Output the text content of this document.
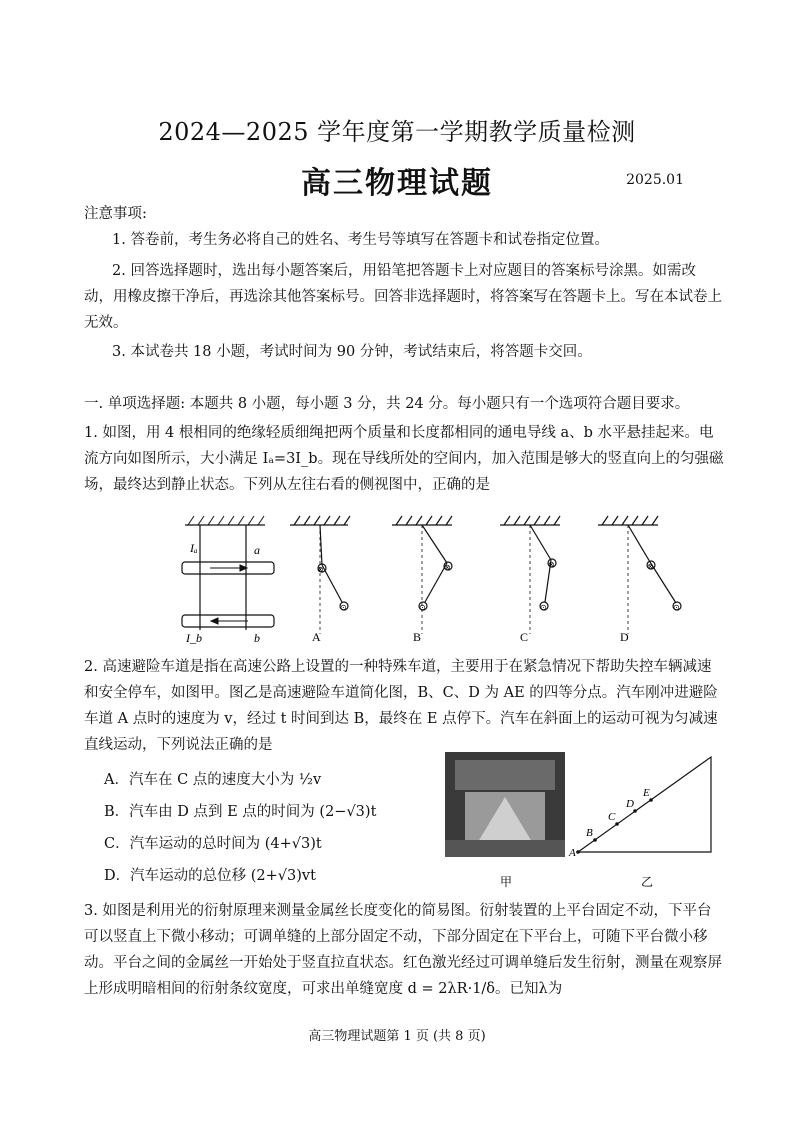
2024—2025 学年度第一学期教学质量检测
高三物理试题	2025.01
注意事项:
1. 答卷前，考生务必将自己的姓名、考生号等填写在答题卡和试卷指定位置。
2. 回答选择题时，选出每小题答案后，用铅笔把答题卡上对应题目的答案标号涂黑。如需改动，用橡皮擦干净后，再选涂其他答案标号。回答非选择题时，将答案写在答题卡上。写在本试卷上无效。
3. 本试卷共 18 小题，考试时间为 90 分钟，考试结束后，将答题卡交回。
一. 单项选择题: 本题共 8 小题，每小题 3 分，共 24 分。每小题只有一个选项符合题目要求。
1. 如图，用 4 根相同的绝缘轻质细绳把两个质量和长度都相同的通电导线 a、b 水平悬挂起来。电流方向如图所示，大小满足 Iₐ=3I_b。现在导线所处的空间内，加入范围是够大的竖直向上的匀强磁场，最终达到静止状态。下列从左往右看的侧视图中，正确的是
Iₐ	a
I_b	b
⊗
⊙
A
⊗
⊙
B
⊗
⊙
C
⊗
⊙
D
2. 高速避险车道是指在高速公路上设置的一种特殊车道，主要用于在紧急情况下帮助失控车辆减速和安全停车，如图甲。图乙是高速避险车道简化图，B、C、D 为 AE 的四等分点。汽车刚冲进避险车道 A 点时的速度为 v，经过 t 时间到达 B，最终在 E 点停下。汽车在斜面上的运动可视为匀减速直线运动，下列说法正确的是
A．汽车在 C 点的速度大小为 ½v
B．汽车由 D 点到 E 点的时间为 (2−√3)t
C．汽车运动的总时间为 (4+√3)t
D．汽车运动的总位移 (2+√3)vt
A
B
C
D
E
甲	乙
3. 如图是利用光的衍射原理来测量金属丝长度变化的简易图。衍射装置的上平台固定不动，下平台可以竖直上下微小移动；可调单缝的上部分固定不动，下部分固定在下平台上，可随下平台微小移动。平台之间的金属丝一开始处于竖直拉直状态。红色激光经过可调单缝后发生衍射，测量在观察屏上形成明暗相间的衍射条纹宽度，可求出单缝宽度 d = 2λR·1/δ。已知λ为
高三物理试题第 1 页 (共 8 页)
